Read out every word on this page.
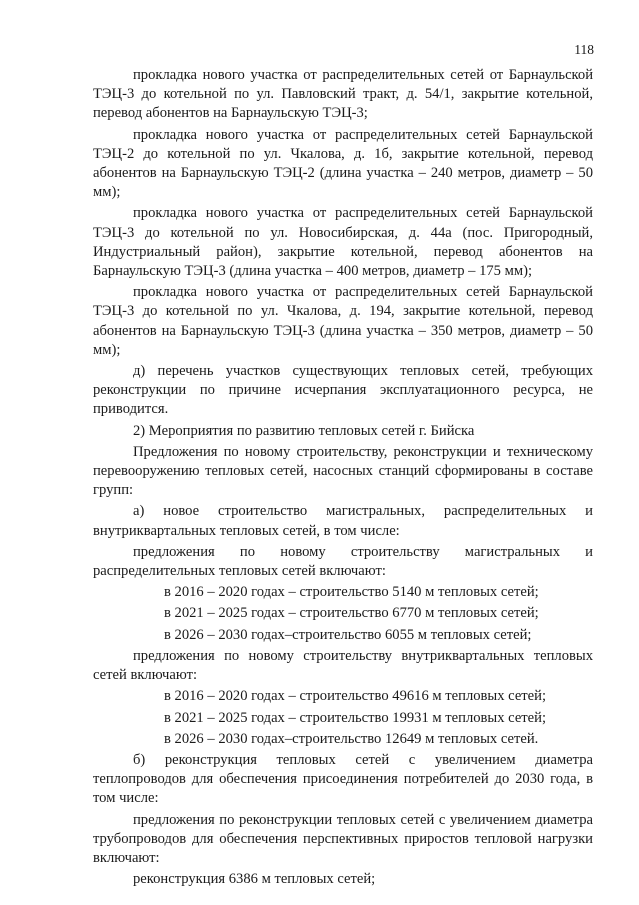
118

прокладка нового участка от распределительных сетей от Барнаульской ТЭЦ-3 до котельной по ул. Павловский тракт, д. 54/1, закрытие котельной, перевод абонентов на Барнаульскую ТЭЦ-3;

прокладка нового участка от распределительных сетей Барнаульской ТЭЦ-2 до котельной по ул. Чкалова, д. 1б, закрытие котельной, перевод абонентов на Барнаульскую ТЭЦ-2 (длина участка – 240 метров, диаметр – 50 мм);

прокладка нового участка от распределительных сетей Барнаульской ТЭЦ-3 до котельной по ул. Новосибирская, д. 44а (пос. Пригородный, Индустриальный район), закрытие котельной, перевод абонентов на Барнаульскую ТЭЦ-3 (длина участка – 400 метров, диаметр – 175 мм);

прокладка нового участка от распределительных сетей Барнаульской ТЭЦ-3 до котельной по ул. Чкалова, д. 194, закрытие котельной, перевод абонентов на Барнаульскую ТЭЦ-3 (длина участка – 350 метров, диаметр – 50 мм);

д) перечень участков существующих тепловых сетей, требующих реконструкции по причине исчерпания эксплуатационного ресурса, не приводится.

2) Мероприятия по развитию тепловых сетей г. Бийска

Предложения по новому строительству, реконструкции и техническому перевооружению тепловых сетей, насосных станций сформированы в составе групп:

а) новое строительство магистральных, распределительных и внутриквартальных тепловых сетей, в том числе:

предложения по новому строительству магистральных и распределительных тепловых сетей включают:

в 2016 – 2020 годах – строительство 5140 м тепловых сетей;

в 2021 – 2025 годах – строительство 6770 м тепловых сетей;

в 2026 – 2030 годах–строительство 6055 м тепловых сетей;

предложения по новому строительству внутриквартальных тепловых сетей включают:

в 2016 – 2020 годах – строительство 49616 м тепловых сетей;

в 2021 – 2025 годах – строительство 19931 м тепловых сетей;

в 2026 – 2030 годах–строительство 12649 м тепловых сетей.

б) реконструкция тепловых сетей с увеличением диаметра теплопроводов для обеспечения присоединения потребителей до 2030 года, в том числе:

предложения по реконструкции тепловых сетей с увеличением диаметра трубопроводов для обеспечения перспективных приростов тепловой нагрузки включают:

реконструкция 6386 м тепловых сетей;
